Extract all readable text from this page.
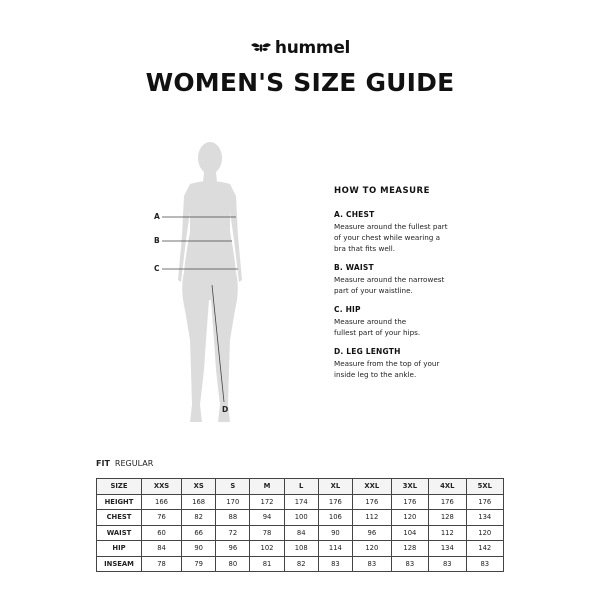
hummel
WOMEN'S SIZE GUIDE
A
B
C
D

HOW TO MEASURE

A. CHEST

Measure around the fullest part
of your chest while wearing a
bra that fits well.

B. WAIST

Measure around the narrowest
part of your waistline.

C. HIP

Measure around the
fullest part of your hips.

D. LEG LENGTH

Measure from the top of your
inside leg to the ankle.

FIT REGULAR
SIZE	XXS	XS	S	M	L	XL	XXL	3XL	4XL	5XL
HEIGHT	166	168	170	172	174	176	176	176	176	176
CHEST	76	82	88	94	100	106	112	120	128	134
WAIST	60	66	72	78	84	90	96	104	112	120
HIP	84	90	96	102	108	114	120	128	134	142
INSEAM	78	79	80	81	82	83	83	83	83	83
